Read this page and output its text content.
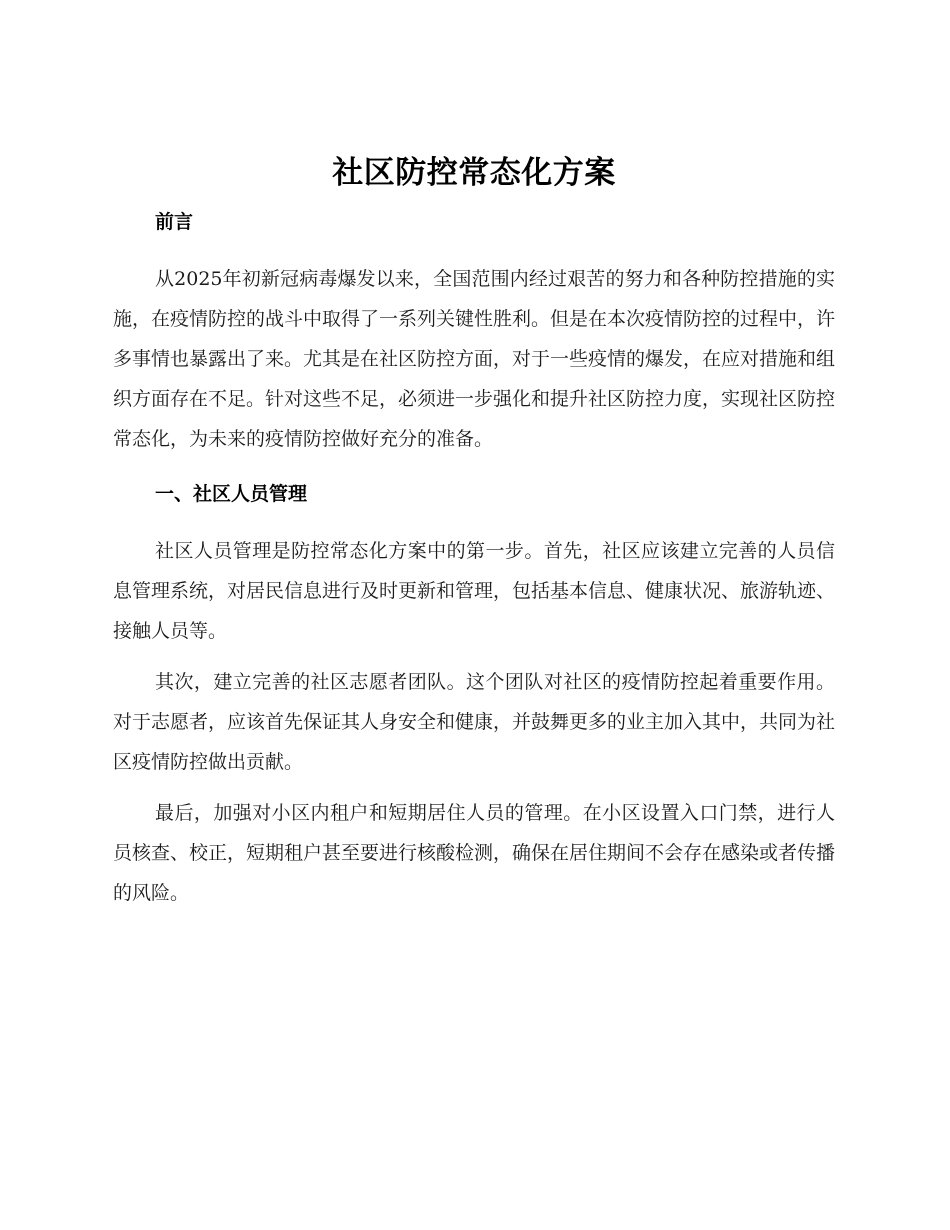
社区防控常态化方案
前言

从2025年初新冠病毒爆发以来，全国范围内经过艰苦的努力和各种防控措施的实施，在疫情防控的战斗中取得了一系列关键性胜利。但是在本次疫情防控的过程中，许多事情也暴露出了来。尤其是在社区防控方面，对于一些疫情的爆发，在应对措施和组织方面存在不足。针对这些不足，必须进一步强化和提升社区防控力度，实现社区防控常态化，为未来的疫情防控做好充分的准备。

一、社区人员管理

社区人员管理是防控常态化方案中的第一步。首先，社区应该建立完善的人员信息管理系统，对居民信息进行及时更新和管理，包括基本信息、健康状况、旅游轨迹、接触人员等。

其次，建立完善的社区志愿者团队。这个团队对社区的疫情防控起着重要作用。对于志愿者，应该首先保证其人身安全和健康，并鼓舞更多的业主加入其中，共同为社区疫情防控做出贡献。

最后，加强对小区内租户和短期居住人员的管理。在小区设置入口门禁，进行人员核查、校正，短期租户甚至要进行核酸检测，确保在居住期间不会存在感染或者传播的风险。
